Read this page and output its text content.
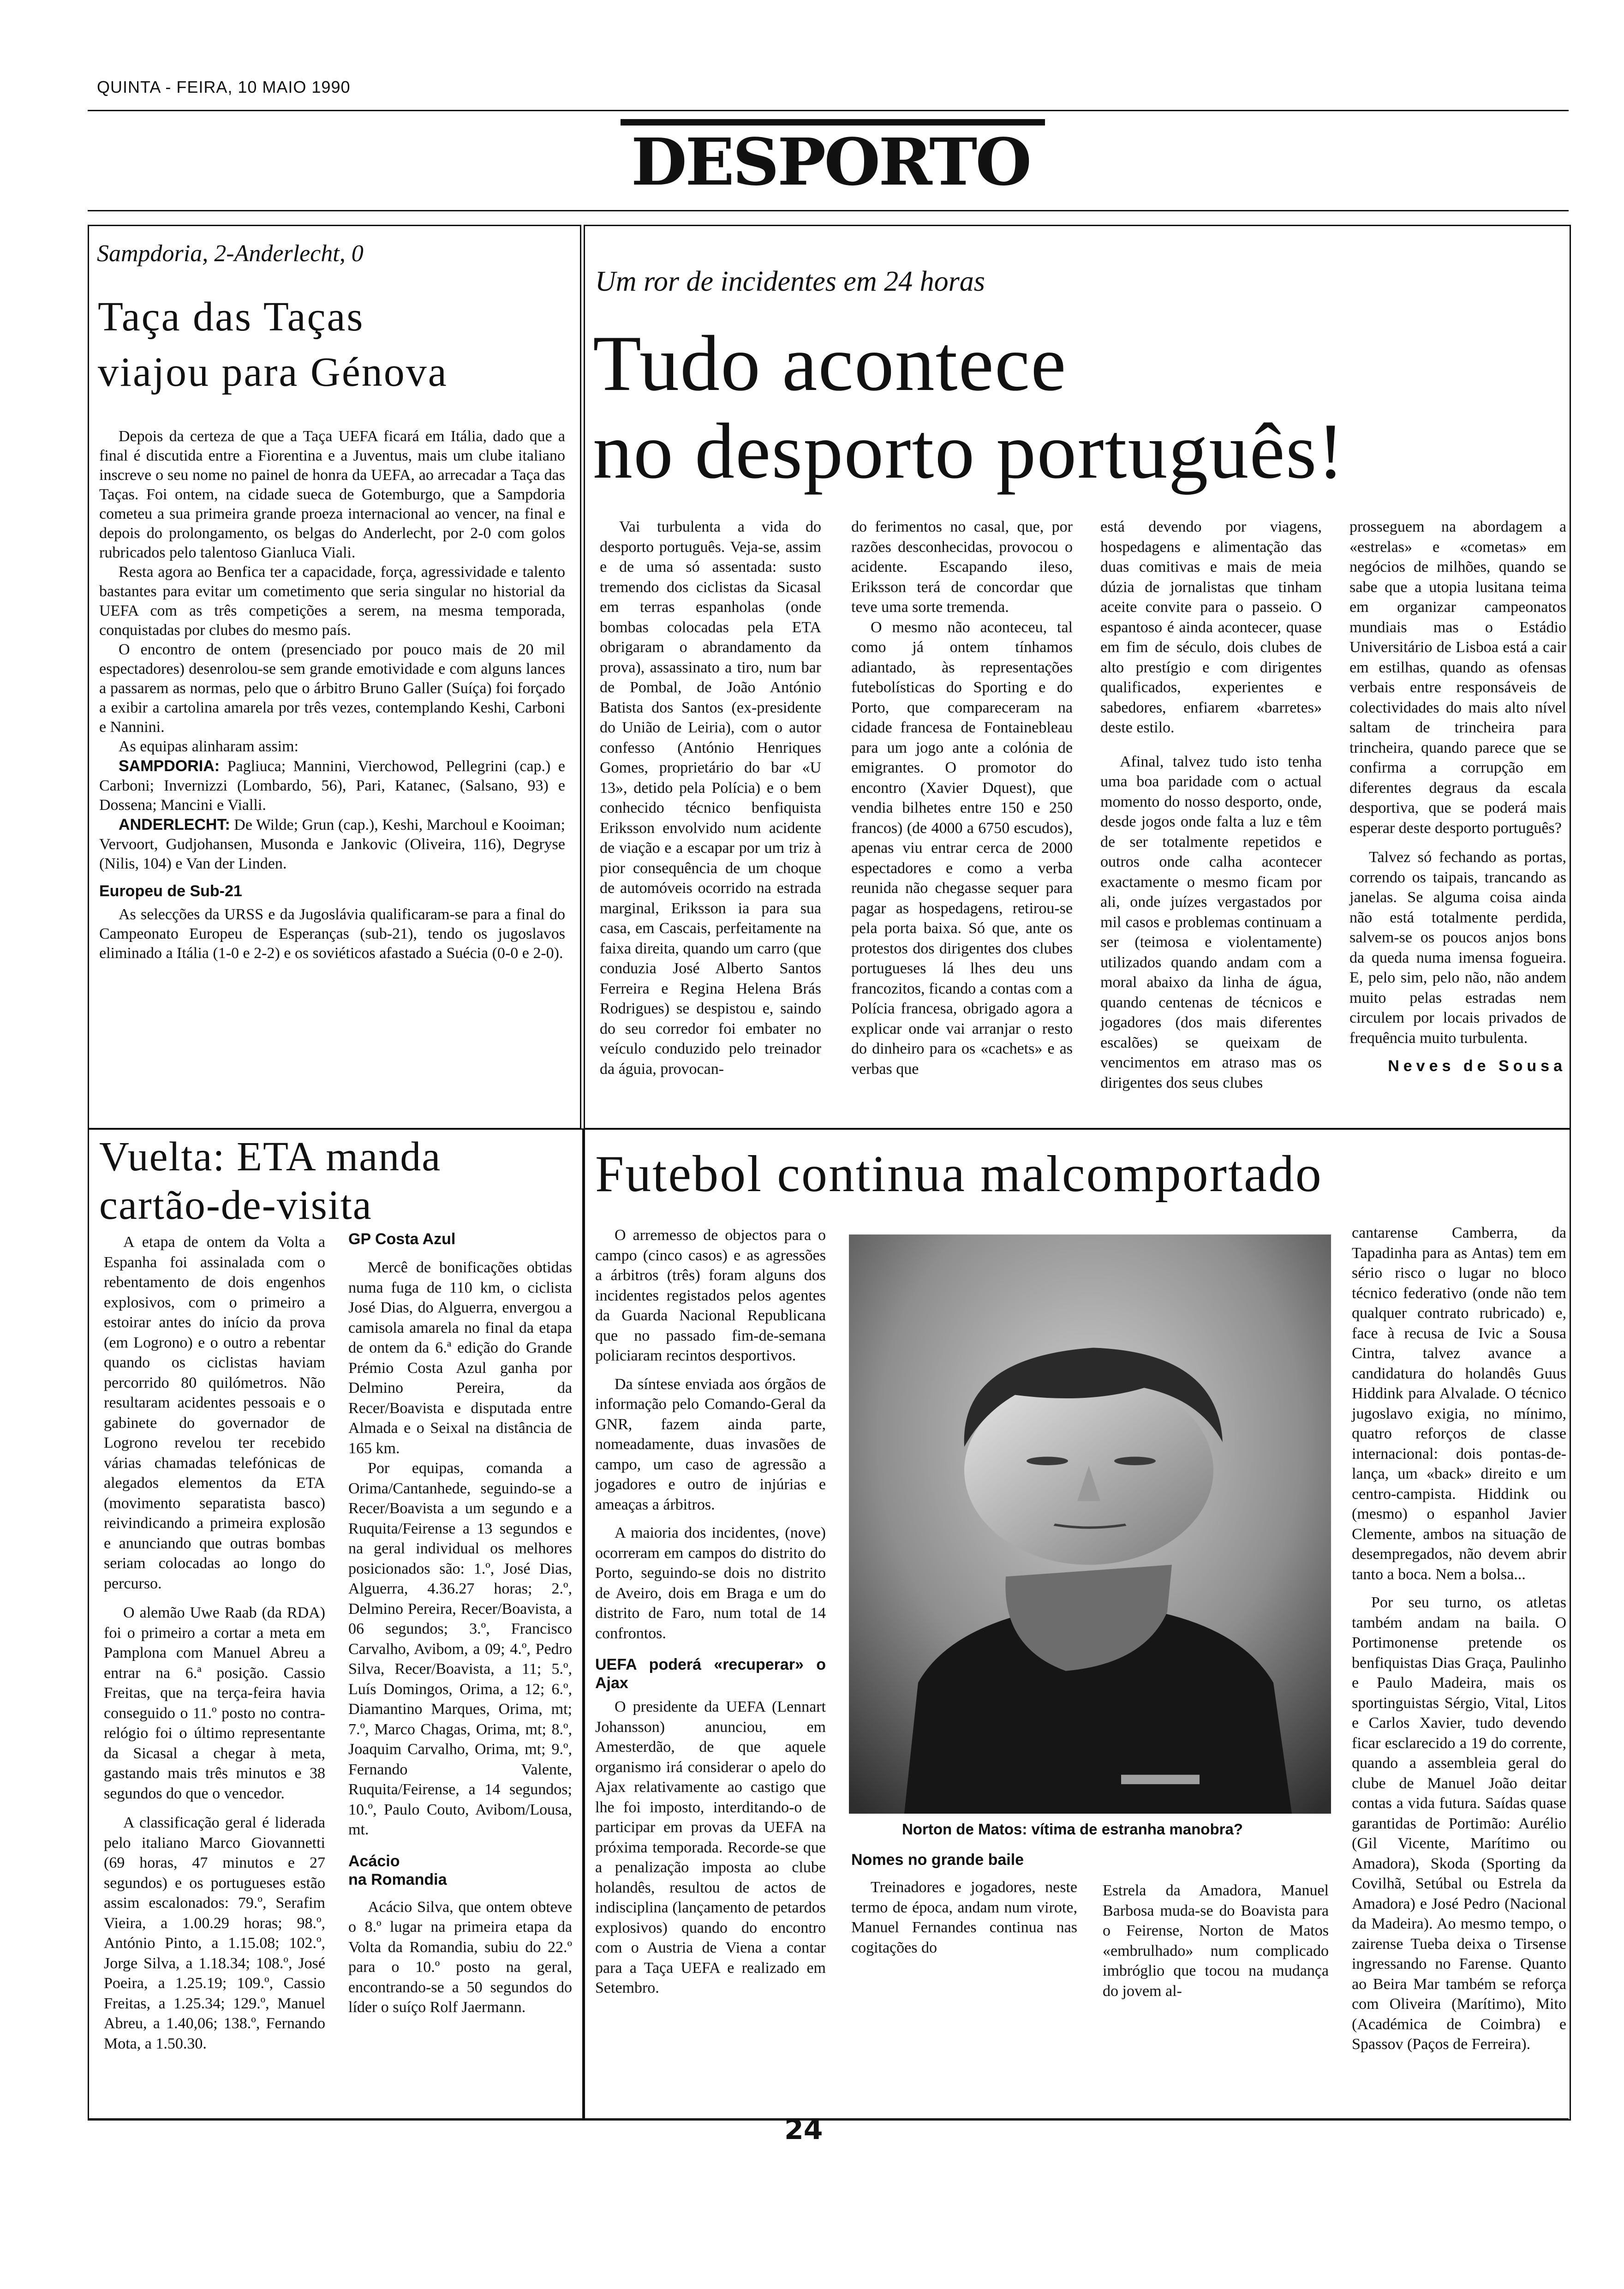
QUINTA - FEIRA, 10 MAIO 1990
DESPORTO
Sampdoria, 2-Anderlecht, 0
Taça das Taças
viajou para Génova

Depois da certeza de que a Taça UEFA ficará em Itália, dado que a final é discutida entre a Fiorentina e a Juventus, mais um clube italiano inscreve o seu nome no painel de honra da UEFA, ao arrecadar a Taça das Taças. Foi ontem, na cidade sueca de Gotemburgo, que a Sampdoria cometeu a sua primeira grande proeza internacional ao vencer, na final e depois do prolongamento, os belgas do Anderlecht, por 2-0 com golos rubricados pelo talentoso Gianluca Viali.

Resta agora ao Benfica ter a capacidade, força, agressividade e talento bastantes para evitar um cometimento que seria singular no historial da UEFA com as três competições a serem, na mesma temporada, conquistadas por clubes do mesmo país.

O encontro de ontem (presenciado por pouco mais de 20 mil espectadores) desenrolou-se sem grande emotividade e com alguns lances a passarem as normas, pelo que o árbitro Bruno Galler (Suíça) foi forçado a exibir a cartolina amarela por três vezes, contemplando Keshi, Carboni e Nannini.

As equipas alinharam assim:

SAMPDORIA: Pagliuca; Mannini, Vierchowod, Pellegrini (cap.) e Carboni; Invernizzi (Lombardo, 56), Pari, Katanec, (Salsano, 93) e Dossena; Mancini e Vialli.

ANDERLECHT: De Wilde; Grun (cap.), Keshi, Marchoul e Kooiman; Vervoort, Gudjohansen, Musonda e Jankovic (Oliveira, 116), Degryse (Nilis, 104) e Van der Linden.

Europeu de Sub-21

As selecções da URSS e da Jugoslávia qualificaram-se para a final do Campeonato Europeu de Esperanças (sub-21), tendo os jugoslavos eliminado a Itália (1-0 e 2-2) e os soviéticos afastado a Suécia (0-0 e 2-0).

Um ror de incidentes em 24 horas
Tudo acontece
no desporto português!

Vai turbulenta a vida do desporto português. Veja-se, assim e de uma só assentada: susto tremendo dos ciclistas da Sicasal em terras espanholas (onde bombas colocadas pela ETA obrigaram o abrandamento da prova), assassinato a tiro, num bar de Pombal, de João António Batista dos Santos (ex-presidente do União de Leiria), com o autor confesso (António Henriques Gomes, proprietário do bar «U 13», detido pela Polícia) e o bem conhecido técnico benfiquista Eriksson envolvido num acidente de viação e a escapar por um triz à pior consequência de um choque de automóveis ocorrido na estrada marginal, Eriksson ia para sua casa, em Cascais, perfeitamente na faixa direita, quando um carro (que conduzia José Alberto Santos Ferreira e Regina Helena Brás Rodrigues) se despistou e, saindo do seu corredor foi embater no veículo conduzido pelo treinador da águia, provocan-

do ferimentos no casal, que, por razões desconhecidas, provocou o acidente. Escapando ileso, Eriksson terá de concordar que teve uma sorte tremenda.

O mesmo não aconteceu, tal como já ontem tínhamos adiantado, às representações futebolísticas do Sporting e do Porto, que compareceram na cidade francesa de Fontainebleau para um jogo ante a colónia de emigrantes. O promotor do encontro (Xavier Dquest), que vendia bilhetes entre 150 e 250 francos) (de 4000 a 6750 escudos), apenas viu entrar cerca de 2000 espectadores e como a verba reunida não chegasse sequer para pagar as hospedagens, retirou-se pela porta baixa. Só que, ante os protestos dos dirigentes dos clubes portugueses lá lhes deu uns francozitos, ficando a contas com a Polícia francesa, obrigado agora a explicar onde vai arranjar o resto do dinheiro para os «cachets» e as verbas que

está devendo por viagens, hospedagens e alimentação das duas comitivas e mais de meia dúzia de jornalistas que tinham aceite convite para o passeio. O espantoso é ainda acontecer, quase em fim de século, dois clubes de alto prestígio e com dirigentes qualificados, experientes e sabedores, enfiarem «barretes» deste estilo.

Afinal, talvez tudo isto tenha uma boa paridade com o actual momento do nosso desporto, onde, desde jogos onde falta a luz e têm de ser totalmente repetidos e outros onde calha acontecer exactamente o mesmo ficam por ali, onde juízes vergastados por mil casos e problemas continuam a ser (teimosa e violentamente) utilizados quando andam com a moral abaixo da linha de água, quando centenas de técnicos e jogadores (dos mais diferentes escalões) se queixam de vencimentos em atraso mas os dirigentes dos seus clubes

prosseguem na abordagem a «estrelas» e «cometas» em negócios de milhões, quando se sabe que a utopia lusitana teima em organizar campeonatos mundiais mas o Estádio Universitário de Lisboa está a cair em estilhas, quando as ofensas verbais entre responsáveis de colectividades do mais alto nível saltam de trincheira para trincheira, quando parece que se confirma a corrupção em diferentes degraus da escala desportiva, que se poderá mais esperar deste desporto português?

Talvez só fechando as portas, correndo os taipais, trancando as janelas. Se alguma coisa ainda não está totalmente perdida, salvem-se os poucos anjos bons da queda numa imensa fogueira. E, pelo sim, pelo não, não andem muito pelas estradas nem circulem por locais privados de frequência muito turbulenta.

Neves de Sousa
Vuelta: ETA manda
cartão-de-visita

A etapa de ontem da Volta a Espanha foi assinalada com o rebentamento de dois engenhos explosivos, com o primeiro a estoirar antes do início da prova (em Logrono) e o outro a rebentar quando os ciclistas haviam percorrido 80 quilómetros. Não resultaram acidentes pessoais e o gabinete do governador de Logrono revelou ter recebido várias chamadas telefónicas de alegados elementos da ETA (movimento separatista basco) reivindicando a primeira explosão e anunciando que outras bombas seriam colocadas ao longo do percurso.

O alemão Uwe Raab (da RDA) foi o primeiro a cortar a meta em Pamplona com Manuel Abreu a entrar na 6.ª posição. Cassio Freitas, que na terça-feira havia conseguido o 11.º posto no contra-relógio foi o último representante da Sicasal a chegar à meta, gastando mais três minutos e 38 segundos do que o vencedor.

A classificação geral é liderada pelo italiano Marco Giovannetti (69 horas, 47 minutos e 27 segundos) e os portugueses estão assim escalonados: 79.º, Serafim Vieira, a 1.00.29 horas; 98.º, António Pinto, a 1.15.08; 102.º, Jorge Silva, a 1.18.34; 108.º, José Poeira, a 1.25.19; 109.º, Cassio Freitas, a 1.25.34; 129.º, Manuel Abreu, a 1.40,06; 138.º, Fernando Mota, a 1.50.30.

GP Costa Azul

Mercê de bonificações obtidas numa fuga de 110 km, o ciclista José Dias, do Alguerra, envergou a camisola amarela no final da etapa de ontem da 6.ª edição do Grande Prémio Costa Azul ganha por Delmino Pereira, da Recer/Boavista e disputada entre Almada e o Seixal na distância de 165 km.

Por equipas, comanda a Orima/Cantanhede, seguindo-se a Recer/Boavista a um segundo e a Ruquita/Feirense a 13 segundos e na geral individual os melhores posicionados são: 1.º, José Dias, Alguerra, 4.36.27 horas; 2.º, Delmino Pereira, Recer/Boavista, a 06 segundos; 3.º, Francisco Carvalho, Avibom, a 09; 4.º, Pedro Silva, Recer/Boavista, a 11; 5.º, Luís Domingos, Orima, a 12; 6.º, Diamantino Marques, Orima, mt; 7.º, Marco Chagas, Orima, mt; 8.º, Joaquim Carvalho, Orima, mt; 9.º, Fernando Valente, Ruquita/Feirense, a 14 segundos; 10.º, Paulo Couto, Avibom/Lousa, mt.

Acácio
na Romandia

Acácio Silva, que ontem obteve o 8.º lugar na primeira etapa da Volta da Romandia, subiu do 22.º para o 10.º posto na geral, encontrando-se a 50 segundos do líder o suíço Rolf Jaermann.

Futebol continua malcomportado

O arremesso de objectos para o campo (cinco casos) e as agressões a árbitros (três) foram alguns dos incidentes registados pelos agentes da Guarda Nacional Republicana que no passado fim-de-semana policiaram recintos desportivos.

Da síntese enviada aos órgãos de informação pelo Comando-Geral da GNR, fazem ainda parte, nomeadamente, duas invasões de campo, um caso de agressão a jogadores e outro de injúrias e ameaças a árbitros.

A maioria dos incidentes, (nove) ocorreram em campos do distrito do Porto, seguindo-se dois no distrito de Aveiro, dois em Braga e um do distrito de Faro, num total de 14 confrontos.

UEFA poderá «recuperar» o Ajax

O presidente da UEFA (Lennart Johansson) anunciou, em Amesterdão, de que aquele organismo irá considerar o apelo do Ajax relativamente ao castigo que lhe foi imposto, interditando-o de participar em provas da UEFA na próxima temporada. Recorde-se que a penalização imposta ao clube holandês, resultou de actos de indisciplina (lançamento de petardos explosivos) quando do encontro com o Austria de Viena a contar para a Taça UEFA e realizado em Setembro.

Norton de Matos: vítima de estranha manobra?
Nomes no grande baile

Treinadores e jogadores, neste termo de época, andam num virote, Manuel Fernandes continua nas cogitações do

Estrela da Amadora, Manuel Barbosa muda-se do Boavista para o Feirense, Norton de Matos «embrulhado» num complicado imbróglio que tocou na mudança do jovem al-

cantarense Camberra, da Tapadinha para as Antas) tem em sério risco o lugar no bloco técnico federativo (onde não tem qualquer contrato rubricado) e, face à recusa de Ivic a Sousa Cintra, talvez avance a candidatura do holandês Guus Hiddink para Alvalade. O técnico jugoslavo exigia, no mínimo, quatro reforços de classe internacional: dois pontas-de-lança, um «back» direito e um centro-campista. Hiddink ou (mesmo) o espanhol Javier Clemente, ambos na situação de desempregados, não devem abrir tanto a boca. Nem a bolsa...

Por seu turno, os atletas também andam na baila. O Portimonense pretende os benfiquistas Dias Graça, Paulinho e Paulo Madeira, mais os sportinguistas Sérgio, Vital, Litos e Carlos Xavier, tudo devendo ficar esclarecido a 19 do corrente, quando a assembleia geral do clube de Manuel João deitar contas a vida futura. Saídas quase garantidas de Portimão: Aurélio (Gil Vicente, Marítimo ou Amadora), Skoda (Sporting da Covilhã, Setúbal ou Estrela da Amadora) e José Pedro (Nacional da Madeira). Ao mesmo tempo, o zairense Tueba deixa o Tirsense ingressando no Farense. Quanto ao Beira Mar também se reforça com Oliveira (Marítimo), Mito (Académica de Coimbra) e Spassov (Paços de Ferreira).

24
